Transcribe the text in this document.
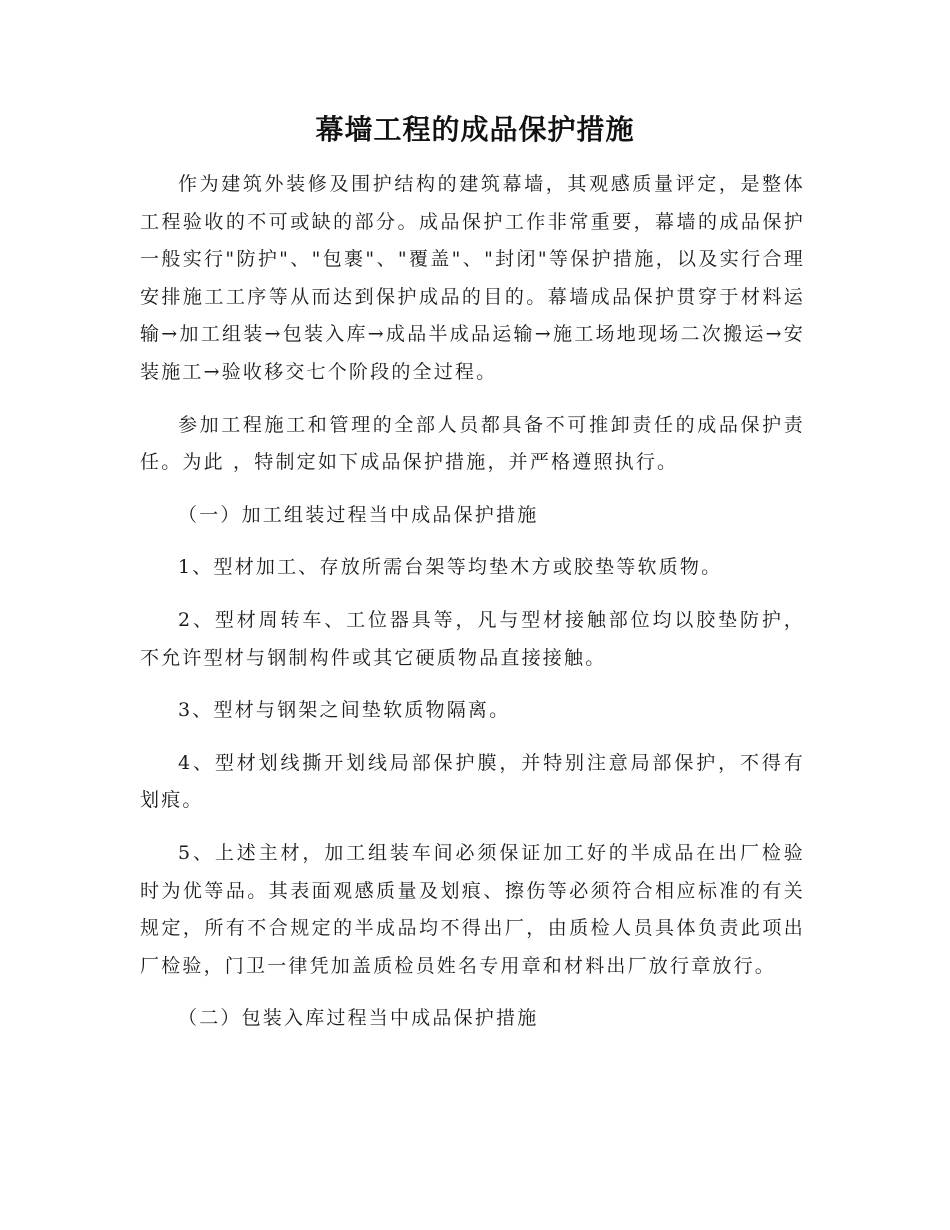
幕墙工程的成品保护措施

作为建筑外装修及围护结构的建筑幕墙，其观感质量评定，是整体工程验收的不可或缺的部分。成品保护工作非常重要，幕墙的成品保护一般实行"防护"、"包裹"、"覆盖"、"封闭"等保护措施，以及实行合理安排施工工序等从而达到保护成品的目的。幕墙成品保护贯穿于材料运输→加工组装→包装入库→成品半成品运输→施工场地现场二次搬运→安装施工→验收移交七个阶段的全过程。

参加工程施工和管理的全部人员都具备不可推卸责任的成品保护责任。为此 ，特制定如下成品保护措施，并严格遵照执行。

（一）加工组装过程当中成品保护措施

1、型材加工、存放所需台架等均垫木方或胶垫等软质物。

2、型材周转车、工位器具等，凡与型材接触部位均以胶垫防护，不允许型材与钢制构件或其它硬质物品直接接触。

3、型材与钢架之间垫软质物隔离。

4、型材划线撕开划线局部保护膜，并特别注意局部保护，不得有划痕。

5、上述主材，加工组装车间必须保证加工好的半成品在出厂检验时为优等品。其表面观感质量及划痕、擦伤等必须符合相应标准的有关规定，所有不合规定的半成品均不得出厂，由质检人员具体负责此项出厂检验，门卫一律凭加盖质检员姓名专用章和材料出厂放行章放行。

（二）包装入库过程当中成品保护措施
